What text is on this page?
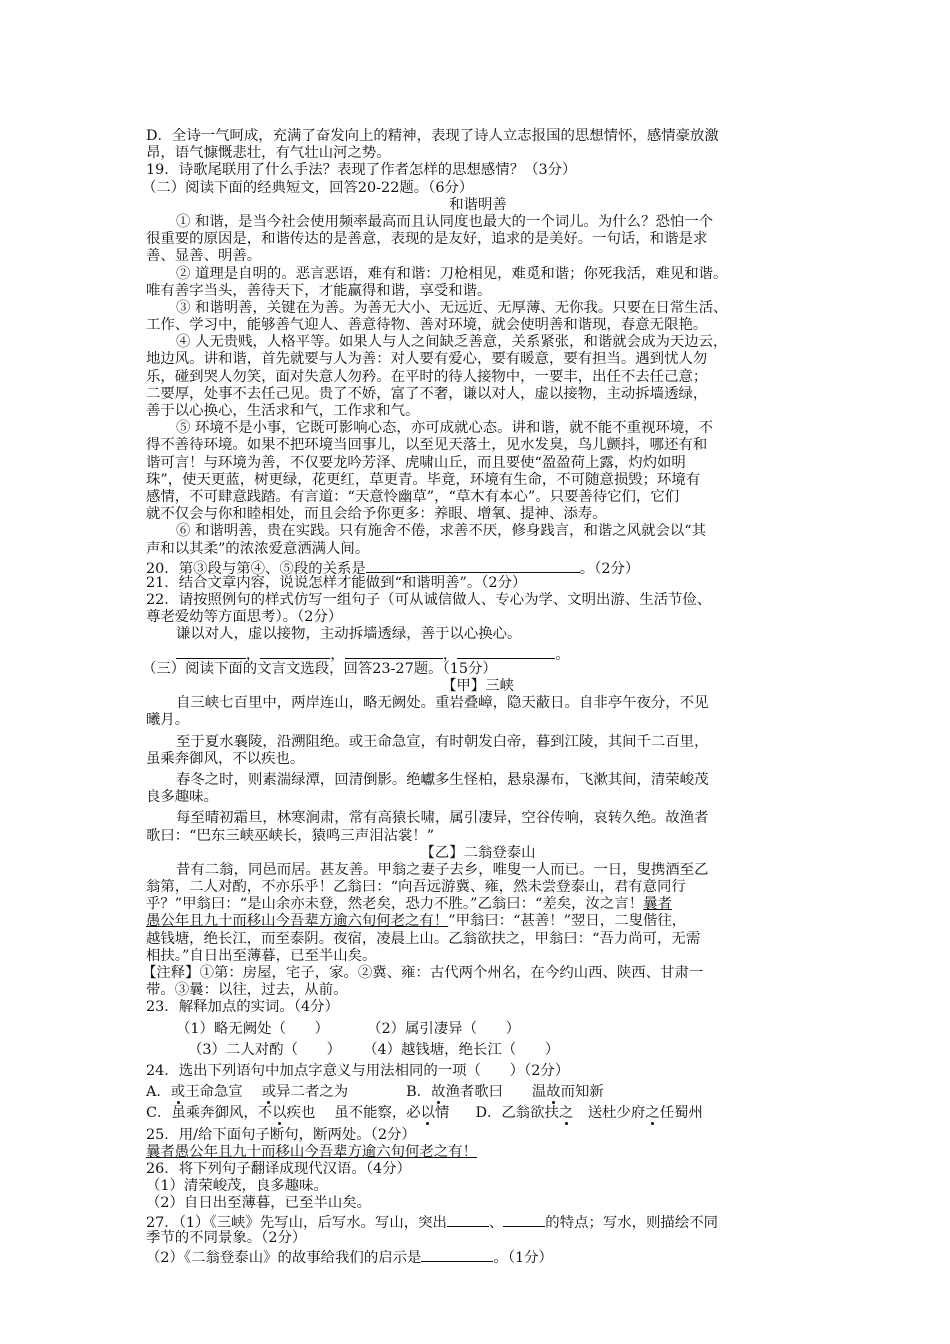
D．全诗一气呵成，充满了奋发向上的精神，表现了诗人立志报国的思想情怀，感情豪放激
昂，语气慷慨悲壮，有气壮山河之势。
19．诗歌尾联用了什么手法？表现了作者怎样的思想感情？（3分）
（二）阅读下面的经典短文，回答20-22题。（6分）
和谐明善
① 和谐，是当今社会使用频率最高而且认同度也最大的一个词儿。为什么？恐怕一个
很重要的原因是，和谐传达的是善意，表现的是友好，追求的是美好。一句话，和谐是求
善、显善、明善。
② 道理是自明的。恶言恶语，难有和谐：刀枪相见，难觅和谐；你死我活，难见和谐。
唯有善字当头，善待天下，才能赢得和谐，享受和谐。
③ 和谐明善，关键在为善。为善无大小、无远近、无厚薄、无你我。只要在日常生活、
工作、学习中，能够善气迎人、善意待物、善对环境，就会使明善和谐现，春意无限艳。
④ 人无贵贱，人格平等。如果人与人之间缺乏善意，关系紧张，和谐就会成为天边云，
地边风。讲和谐，首先就要与人为善：对人要有爱心，要有暖意，要有担当。遇到忧人勿
乐，碰到哭人勿笑，面对失意人勿矜。在平时的待人接物中，一要丰，出任不去任己意；
二要厚，处事不去任己见。贵了不娇，富了不奢，谦以对人，虚以接物，主动拆墙透绿，
善于以心换心，生活求和气，工作求和气。
⑤ 环境不是小事，它既可影响心态，亦可成就心态。讲和谐，就不能不重视环境，不
得不善待环境。如果不把环境当回事儿，以至见天落土，见水发臭，鸟儿颤抖，哪还有和
谐可言！与环境为善，不仅要龙吟芳泽、虎啸山丘，而且要使“盈盈荷上露，灼灼如明
珠”，使天更蓝，树更绿，花更红，草更青。毕竟，环境有生命，不可随意损毁；环境有
感情，不可肆意践踏。有言道：“天意怜幽草”，“草木有本心”。只要善待它们，它们
就不仅会与你和睦相处，而且会给予你更多：养眼、增氧、提神、添寿。
⑥ 和谐明善，贵在实践。只有施舍不倦，求善不厌，修身践言，和谐之风就会以“其
声和以其柔”的浓浓爱意洒满人间。
20．第③段与第④、⑤段的关系是	。（2分）
21．结合文章内容，说说怎样才能做到“和谐明善”。（2分）
22．请按照例句的样式仿写一组句子（可从诚信做人、专心为学、文明出游、生活节俭、
尊老爱幼等方面思考）。（2分）
谦以对人，虚以接物，主动拆墙透绿，善于以心换心。
，	，	，	。
（三）阅读下面的文言文选段，回答23-27题。（15分）
【甲】三峡
自三峡七百里中，两岸连山，略无阙处。重岩叠嶂，隐天蔽日。自非亭午夜分，不见
曦月。
至于夏水襄陵，沿溯阻绝。或王命急宣，有时朝发白帝，暮到江陵，其间千二百里，
虽乘奔御风，不以疾也。
春冬之时，则素湍绿潭，回清倒影。绝巘多生怪柏，悬泉瀑布，飞漱其间，清荣峻茂
良多趣味。
每至晴初霜旦，林寒涧肃，常有高猿长啸，属引凄异，空谷传响，哀转久绝。故渔者
歌曰：“巴东三峡巫峡长，猿鸣三声泪沾裳！”
【乙】二翁登泰山
昔有二翁，同邑而居。甚友善。甲翁之妻子去乡，唯叟一人而已。一日，叟携酒至乙
翁第，二人对酌，不亦乐乎！乙翁曰：“向吾远游冀、雍，然未尝登泰山，君有意同行
乎？”甲翁曰：“是山余亦未登，然老矣，恐力不胜。”乙翁曰：“差矣，汝之言！曩者
愚公年且九十而移山今吾辈方逾六旬何老之有！”甲翁曰：“甚善！”翌日，二叟偕往，
越钱塘，绝长江，而至泰阴。夜宿，凌晨上山。乙翁欲扶之，甲翁曰：“吾力尚可，无需
相扶。”自日出至薄暮，已至半山矣。
【注释】①第：房屋，宅子，家。②冀、雍：古代两个州名，在今约山西、陕西、甘肃一
带。③曩：以往，过去，从前。
23．解释加点的实词。（4分）
（1）略无阙处（　　）	（2）属引凄异（　　）
（3）二人对酌（　　） （4）越钱塘，绝长江（　　）
24．选出下列语句中加点字意义与用法相同的一项（　　）（2分）
A．或王命急宣　 或异二者之为	B．故渔者歌曰　　温故而知新
C．虽乘奔御风，不以疾也　 虽不能察，必以情 D．乙翁欲扶之　送杜少府之任蜀州
25．用/给下面句子断句，断两处。（2分）
曩者愚公年且九十而移山今吾辈方逾六旬何老之有！
26．将下列句子翻译成现代汉语。（4分）
（1）清荣峻茂，良多趣味。
（2）自日出至薄暮，已至半山矣。
27．（1）《三峡》先写山，后写水。写山，突出	、	的特点；写水，则描绘不同
季节的不同景象。（2分）
（2）《二翁登泰山》的故事给我们的启示是	。（1分）
